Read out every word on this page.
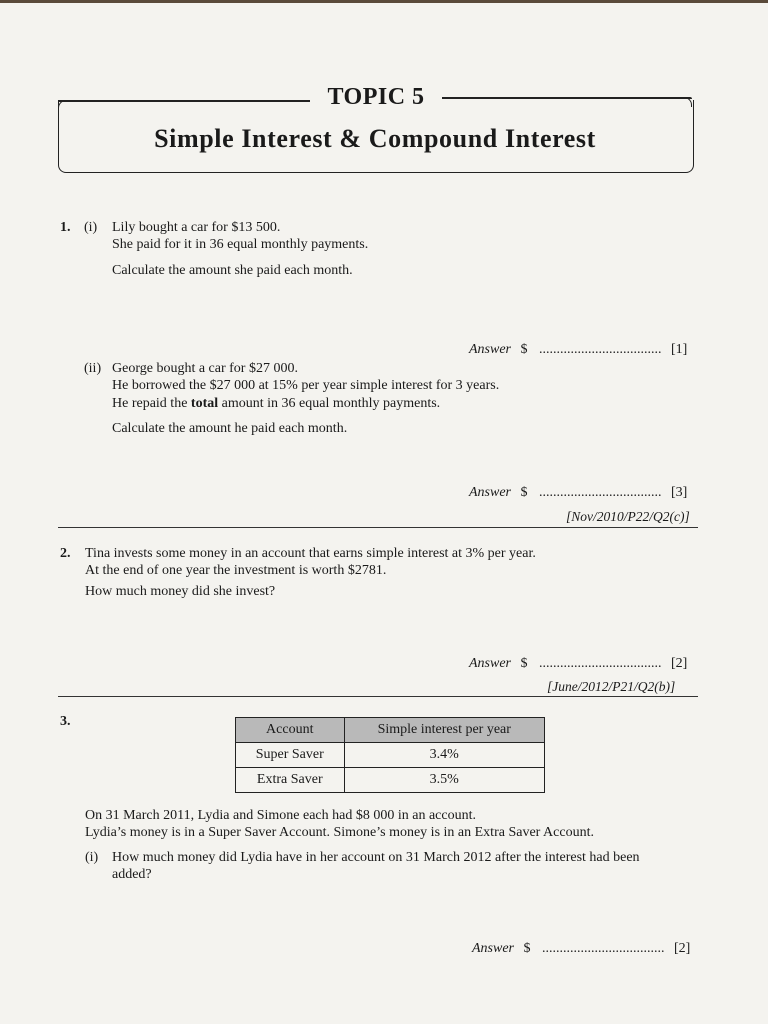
TOPIC 5
Simple Interest & Compound Interest
1. (i) Lily bought a car for $13 500.
She paid for it in 36 equal monthly payments.
Calculate the amount she paid each month.
Answer $ ................................... [1]
(ii) George bought a car for $27 000.
He borrowed the $27 000 at 15% per year simple interest for 3 years.
He repaid the total amount in 36 equal monthly payments.
Calculate the amount he paid each month.
Answer $ ................................... [3]
[Nov/2010/P22/Q2(c)]
2. Tina invests some money in an account that earns simple interest at 3% per year.
At the end of one year the investment is worth $2781.
How much money did she invest?
Answer $ ................................... [2]
[June/2012/P21/Q2(b)]
3.
Account	Simple interest per year
Super Saver	3.4%
Extra Saver	3.5%
On 31 March 2011, Lydia and Simone each had $8 000 in an account.
Lydia’s money is in a Super Saver Account. Simone’s money is in an Extra Saver Account.
(i) How much money did Lydia have in her account on 31 March 2012 after the interest had been
added?
Answer $ ................................... [2]
